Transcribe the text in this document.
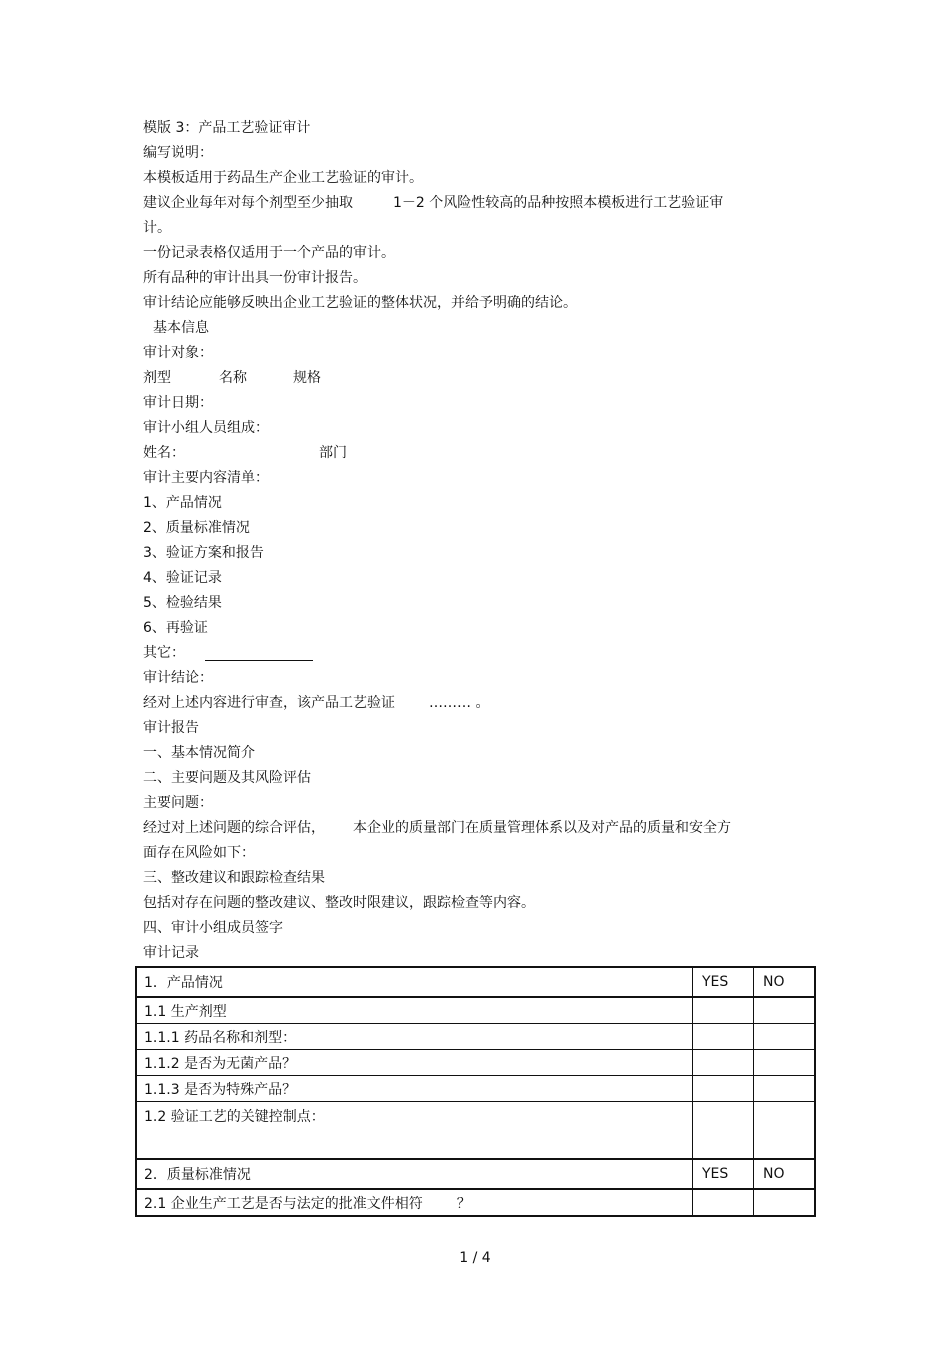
模版 3：产品工艺验证审计
编写说明：
本模板适用于药品生产企业工艺验证的审计。
建议企业每年对每个剂型至少抽取	1－2 个风险性较高的品种按照本模板进行工艺验证审
计。
一份记录表格仅适用于一个产品的审计。
所有品种的审计出具一份审计报告。
审计结论应能够反映出企业工艺验证的整体状况，并给予明确的结论。
基本信息
审计对象：
剂型	名称	规格
审计日期：
审计小组人员组成：
姓名：	部门
审计主要内容清单：
1、产品情况
2、质量标准情况
3、验证方案和报告
4、验证记录
5、检验结果
6、再验证
其它：
审计结论：
经对上述内容进行审查，该产品工艺验证 ……… 。
审计报告
一、基本情况简介
二、主要问题及其风险评估
主要问题：
经过对上述问题的综合评估， 本企业的质量部门在质量管理体系以及对产品的质量和安全方
面存在风险如下：
三、整改建议和跟踪检查结果
包括对存在问题的整改建议、整改时限建议，跟踪检查等内容。
四、审计小组成员签字
审计记录
1．产品情况	YES	NO
1.1 生产剂型		
1.1.1 药品名称和剂型：		
1.1.2 是否为无菌产品？		
1.1.3 是否为特殊产品？		
1.2 验证工艺的关键控制点：		
2．质量标准情况	YES	NO
2.1 企业生产工艺是否与法定的批准文件相符 ？		
1 / 4
